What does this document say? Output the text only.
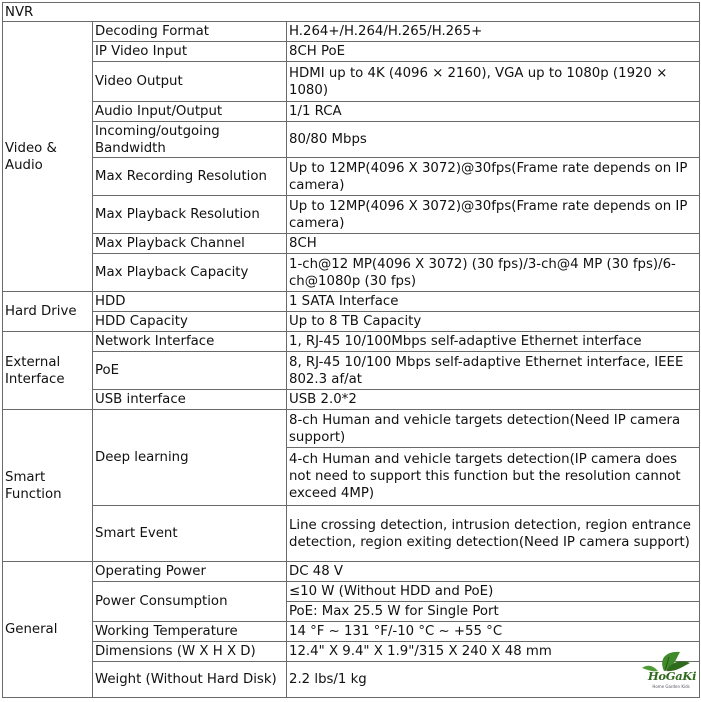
NVR		
Video & Audio	Decoding Format	H.264+/H.264/H.265/H.265+
	IP Video Input	8CH PoE
	Video Output	HDMI up to 4K (4096 × 2160), VGA up to 1080p (1920 × 1080)
	Audio Input/Output	1/1 RCA
	Incoming/outgoing Bandwidth	80/80 Mbps
	Max Recording Resolution	Up to 12MP(4096 X 3072)@30fps(Frame rate depends on IP camera)
	Max Playback Resolution	Up to 12MP(4096 X 3072)@30fps(Frame rate depends on IP camera)
	Max Playback Channel	8CH
	Max Playback Capacity	1-ch@12 MP(4096 X 3072) (30 fps)/3-ch@4 MP (30 fps)/6-ch@1080p (30 fps)
Hard Drive	HDD	1 SATA Interface
	HDD Capacity	Up to 8 TB Capacity
External Interface	Network Interface	1, RJ-45 10/100Mbps self-adaptive Ethernet interface
	PoE	8, RJ-45 10/100 Mbps self-adaptive Ethernet interface, IEEE 802.3 af/at
	USB interface	USB 2.0*2
Smart Function	Deep learning	8-ch Human and vehicle targets detection(Need IP camera support)
		4-ch Human and vehicle targets detection(IP camera does not need to support this function but the resolution cannot exceed 4MP)
	Smart Event	Line crossing detection, intrusion detection, region entrance detection, region exiting detection(Need IP camera support)
General	Operating Power	DC 48 V
	Power Consumption	≤10 W (Without HDD and PoE)
		PoE: Max 25.5 W for Single Port
	Working Temperature	14 °F ~ 131 °F/-10 °C ~ +55 °C
	Dimensions (W X H X D)	12.4" X 9.4" X 1.9"/315 X 240 X 48 mm
	Weight (Without Hard Disk)	2.2 lbs/1 kg	HoGaKi
Home Garden Kids
